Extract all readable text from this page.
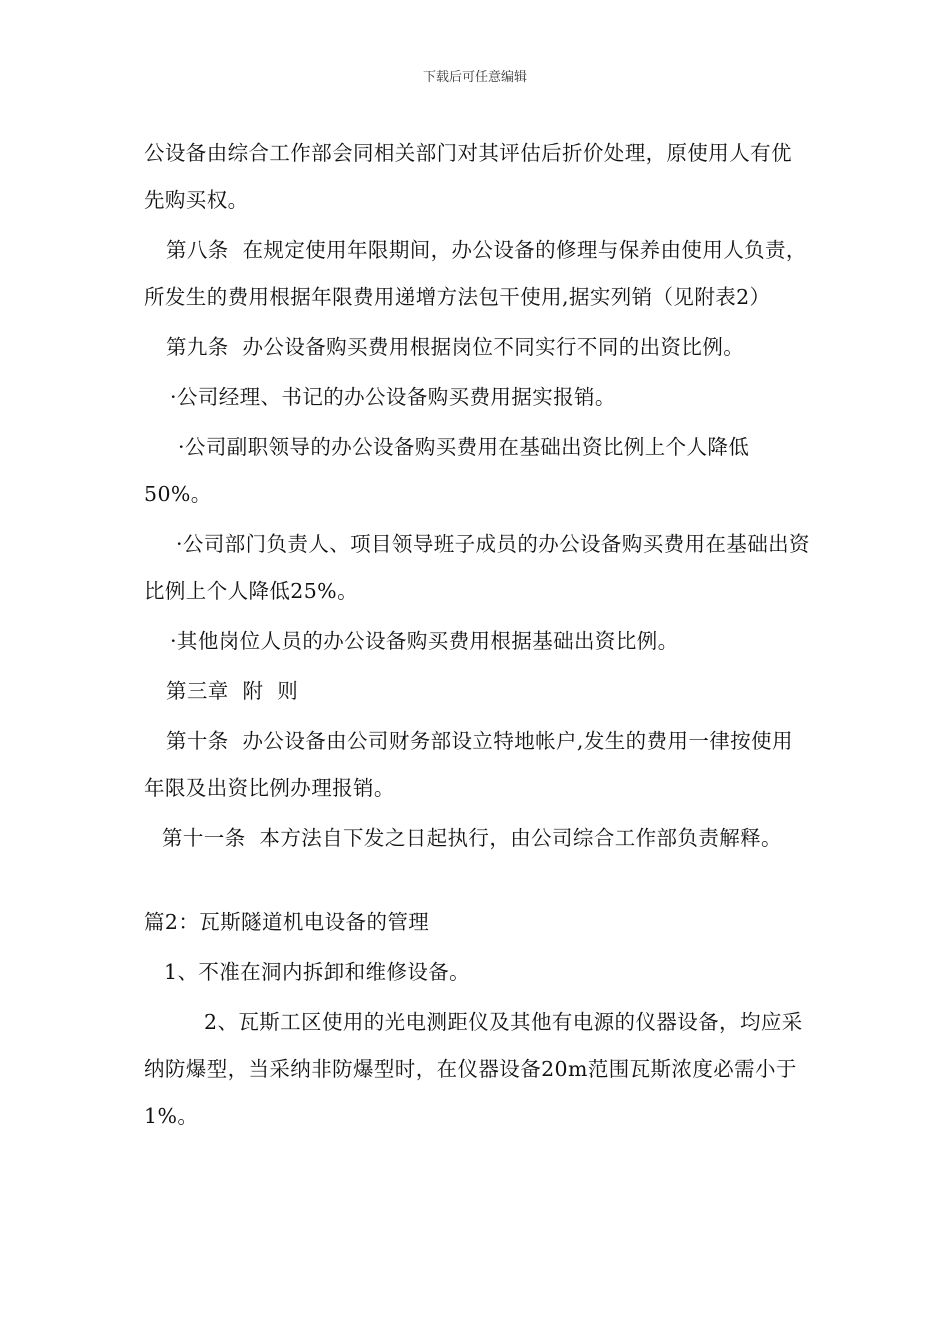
下载后可任意编辑

公设备由综合工作部会同相关部门对其评估后折价处理，原使用人有优先购买权。

第八条  在规定使用年限期间，办公设备的修理与保养由使用人负责，所发生的费用根据年限费用递增方法包干使用,据实列销（见附表2）

第九条  办公设备购买费用根据岗位不同实行不同的出资比例。

·公司经理、书记的办公设备购买费用据实报销。

·公司副职领导的办公设备购买费用在基础出资比例上个人降低50%。

·公司部门负责人、项目领导班子成员的办公设备购买费用在基础出资比例上个人降低25%。

·其他岗位人员的办公设备购买费用根据基础出资比例。

第三章  附  则

第十条  办公设备由公司财务部设立特地帐户,发生的费用一律按使用年限及出资比例办理报销。

第十一条  本方法自下发之日起执行，由公司综合工作部负责解释。

篇2：瓦斯隧道机电设备的管理

1、不准在洞内拆卸和维修设备。

2、瓦斯工区使用的光电测距仪及其他有电源的仪器设备，均应采纳防爆型，当采纳非防爆型时，在仪器设备20m范围瓦斯浓度必需小于1%。
